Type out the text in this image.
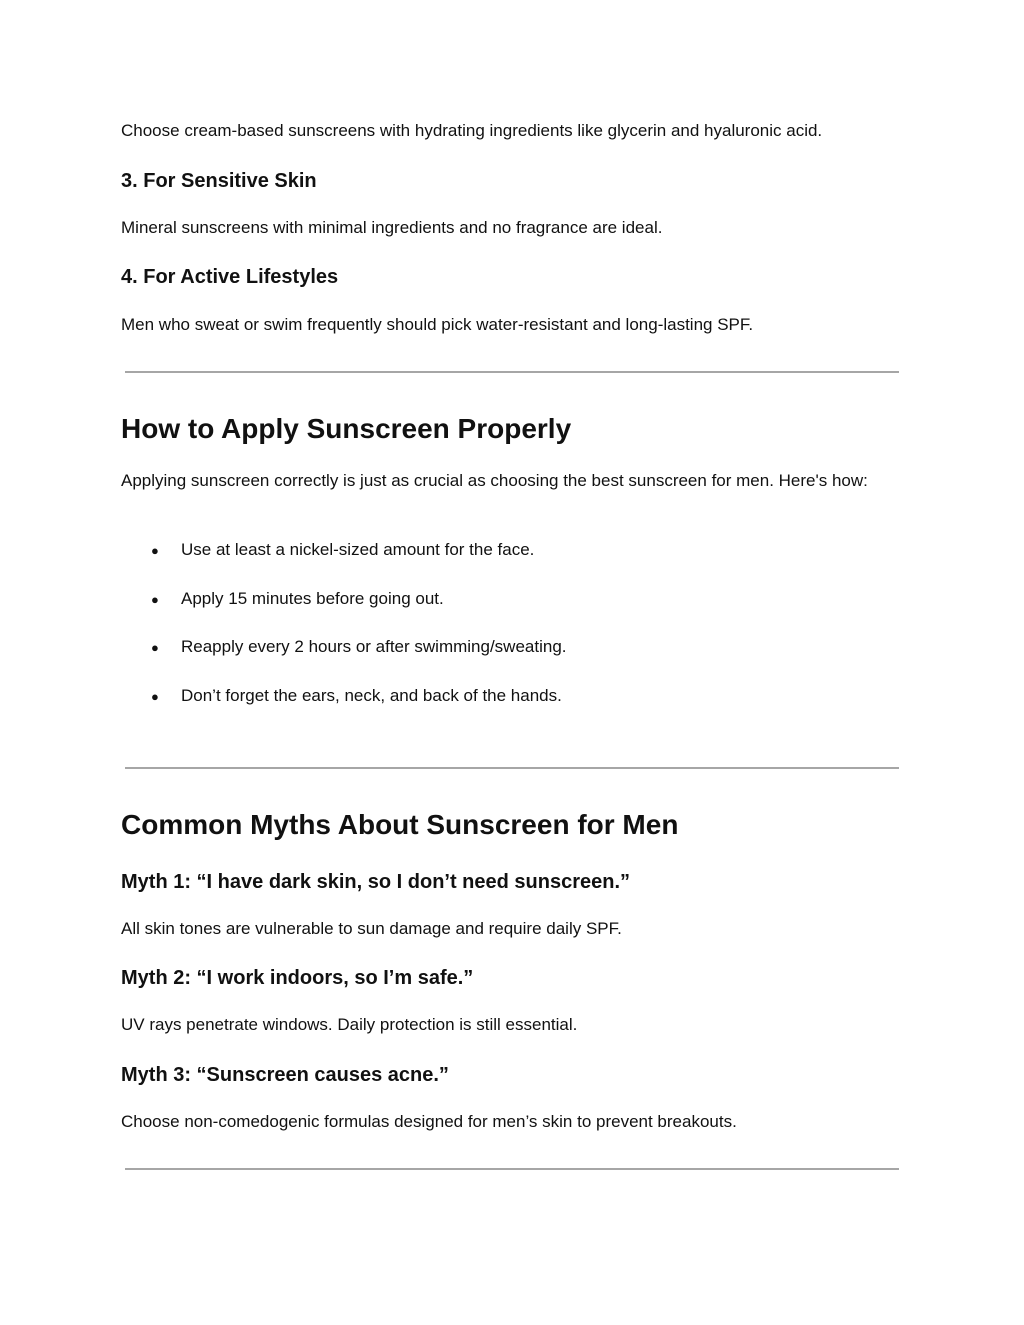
Choose cream-based sunscreens with hydrating ingredients like glycerin and hyaluronic acid.

3. For Sensitive Skin

Mineral sunscreens with minimal ingredients and no fragrance are ideal.

4. For Active Lifestyles

Men who sweat or swim frequently should pick water-resistant and long-lasting SPF.

How to Apply Sunscreen Properly

Applying sunscreen correctly is just as crucial as choosing the best sunscreen for men. Here's how:

●	Use at least a nickel-sized amount for the face.
●	Apply 15 minutes before going out.
●	Reapply every 2 hours or after swimming/sweating.
●	Don’t forget the ears, neck, and back of the hands.
Common Myths About Sunscreen for Men
Myth 1: “I have dark skin, so I don’t need sunscreen.”

All skin tones are vulnerable to sun damage and require daily SPF.

Myth 2: “I work indoors, so I’m safe.”

UV rays penetrate windows. Daily protection is still essential.

Myth 3: “Sunscreen causes acne.”

Choose non-comedogenic formulas designed for men’s skin to prevent breakouts.
